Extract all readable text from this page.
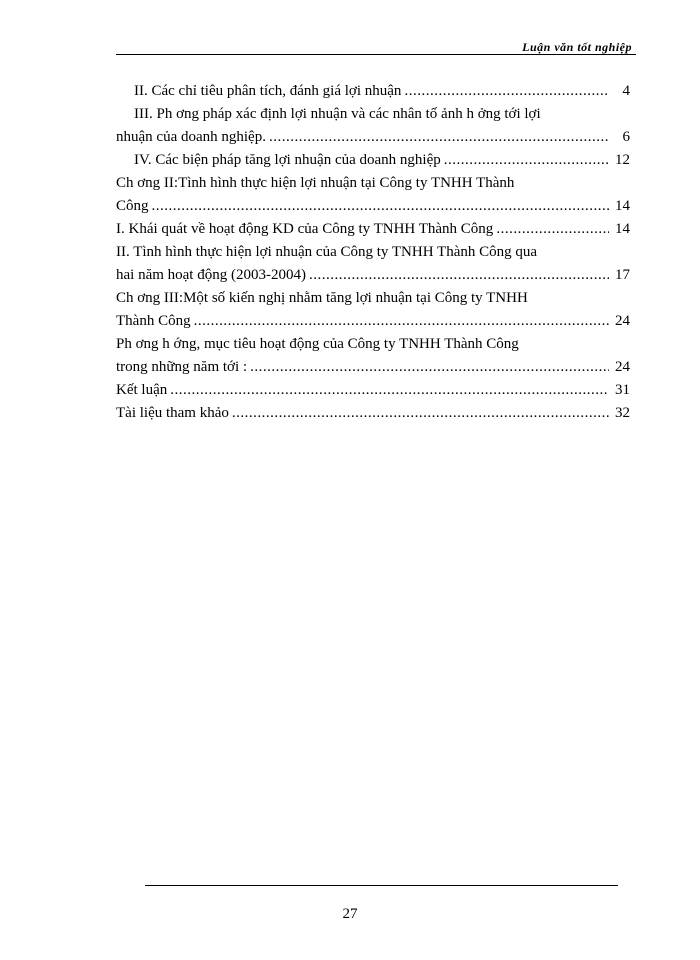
Luận văn tốt nghiệp
II. Các chỉ tiêu phân tích, đánh giá lợi nhuận .....	4
III. Ph ơng pháp xác định lợi nhuận và các nhân tố ảnh h ởng tới lợi
nhuận của doanh nghiệp. .....	6
IV. Các biện pháp tăng lợi nhuận của doanh nghiệp .....	12
Ch ơng II:Tình hình thực hiện lợi nhuận tại Công ty TNHH Thành
Công .....	14
I. Khái quát về hoạt động KD của Công ty TNHH Thành Công .....	14
II. Tình hình thực hiện lợi nhuận của Công ty TNHH Thành Công qua
hai năm hoạt động (2003-2004) .....	17
Ch ơng III:Một số kiến nghị nhằm tăng lợi nhuận tại Công ty TNHH
Thành Công .....	24
Ph ơng h ớng, mục tiêu hoạt động của Công ty TNHH Thành Công
trong những năm tới : .....	24
Kết luận .....	31
Tài liệu tham khảo .....	32
27
